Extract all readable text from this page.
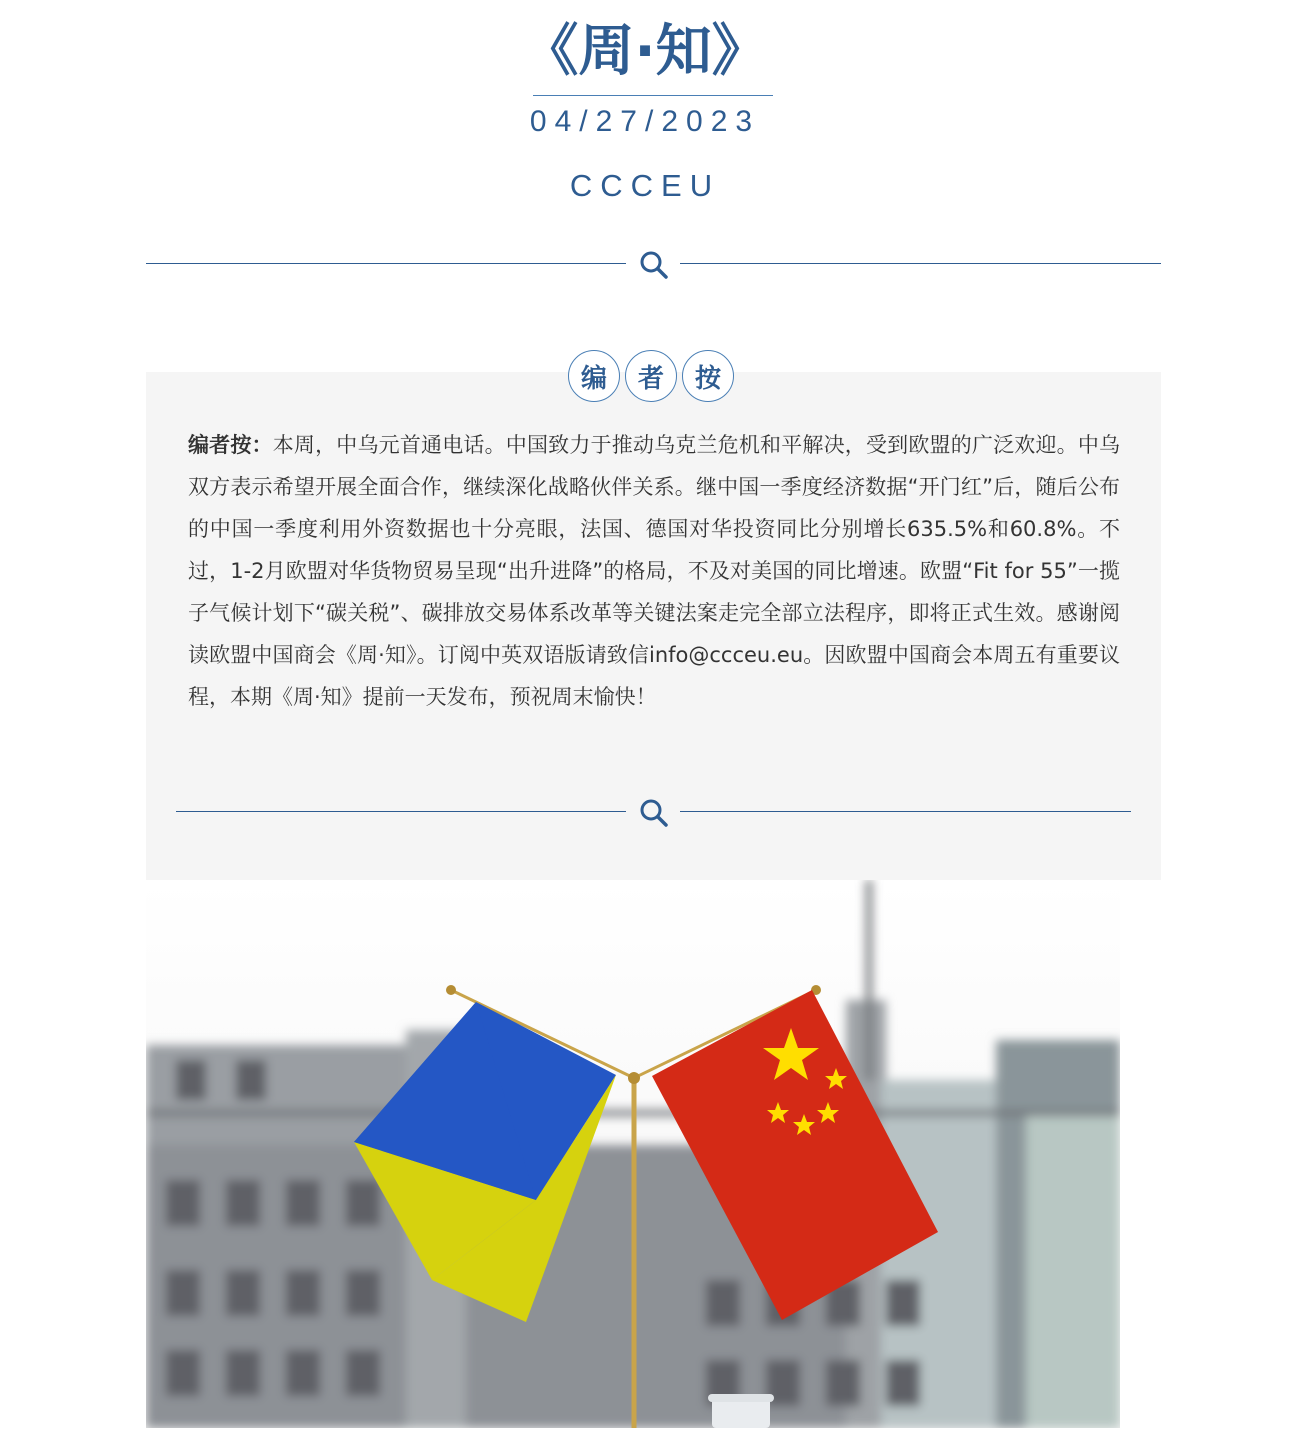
《周·知》
04/27/2023
CCCEU
编	者	按
编者按：本周，中乌元首通电话。中国致力于推动乌克兰危机和平解决，受到欧盟的广泛欢迎。中乌双方表示希望开展全面合作，继续深化战略伙伴关系。继中国一季度经济数据“开门红”后，随后公布的中国一季度利用外资数据也十分亮眼，法国、德国对华投资同比分别增长635.5%和60.8%。不过，1-2月欧盟对华货物贸易呈现“出升进降”的格局，不及对美国的同比增速。欧盟“Fit for 55”一揽子气候计划下“碳关税”、碳排放交易体系改革等关键法案走完全部立法程序，即将正式生效。感谢阅读欧盟中国商会《周·知》。订阅中英双语版请致信info@ccceu.eu。因欧盟中国商会本周五有重要议程，本期《周·知》提前一天发布，预祝周末愉快！
